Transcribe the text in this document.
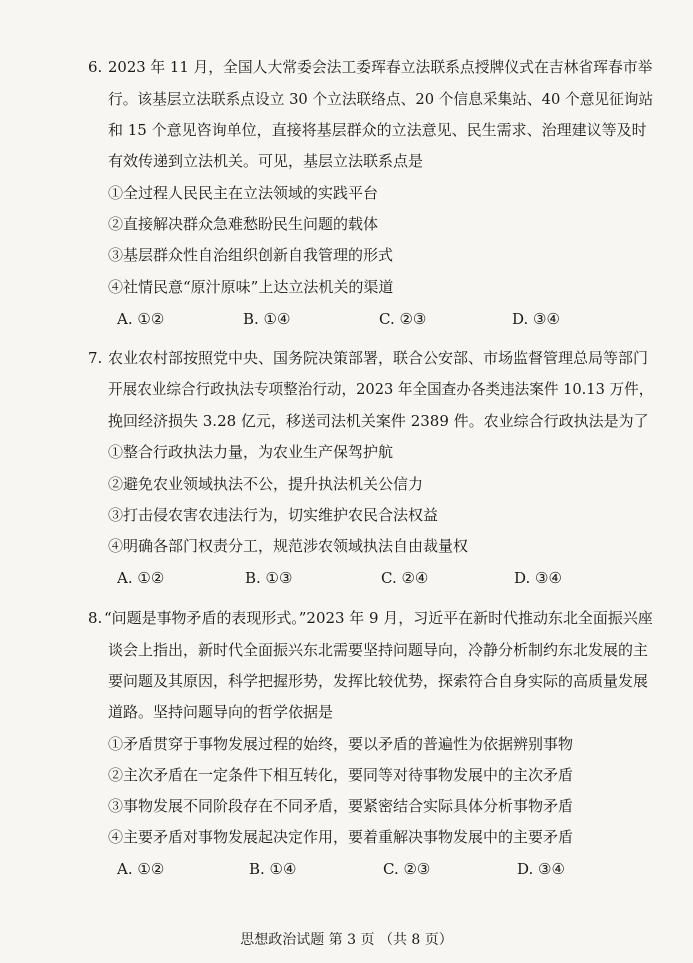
6. 2023 年 11 月，全国人大常委会法工委珲春立法联系点授牌仪式在吉林省珲春市举
行。该基层立法联系点设立 30 个立法联络点、20 个信息采集站、40 个意见征询站
和 15 个意见咨询单位，直接将基层群众的立法意见、民生需求、治理建议等及时
有效传递到立法机关。可见，基层立法联系点是
①全过程人民民主在立法领域的实践平台
②直接解决群众急难愁盼民生问题的载体
③基层群众性自治组织创新自我管理的形式
④社情民意“原汁原味”上达立法机关的渠道
A. ①②	B. ①④	C. ②③	D. ③④
7. 农业农村部按照党中央、国务院决策部署，联合公安部、市场监督管理总局等部门
开展农业综合行政执法专项整治行动，2023 年全国查办各类违法案件 10.13 万件，
挽回经济损失 3.28 亿元，移送司法机关案件 2389 件。农业综合行政执法是为了
①整合行政执法力量，为农业生产保驾护航
②避免农业领域执法不公，提升执法机关公信力
③打击侵农害农违法行为，切实维护农民合法权益
④明确各部门权责分工，规范涉农领域执法自由裁量权
A. ①②	B. ①③	C. ②④	D. ③④
8. “问题是事物矛盾的表现形式。”2023 年 9 月，习近平在新时代推动东北全面振兴座
谈会上指出，新时代全面振兴东北需要坚持问题导向，冷静分析制约东北发展的主
要问题及其原因，科学把握形势，发挥比较优势，探索符合自身实际的高质量发展
道路。坚持问题导向的哲学依据是
①矛盾贯穿于事物发展过程的始终，要以矛盾的普遍性为依据辨别事物
②主次矛盾在一定条件下相互转化，要同等对待事物发展中的主次矛盾
③事物发展不同阶段存在不同矛盾，要紧密结合实际具体分析事物矛盾
④主要矛盾对事物发展起决定作用，要着重解决事物发展中的主要矛盾
A. ①②	B. ①④	C. ②③	D. ③④
思想政治试题 第 3 页 （共 8 页）
